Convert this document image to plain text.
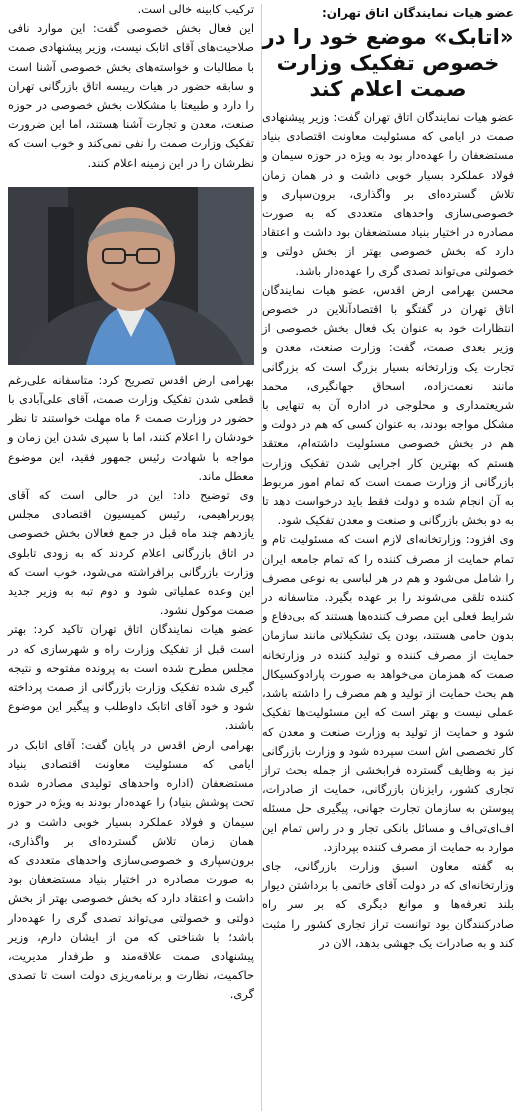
عضو هیات نمایندگان اتاق تهران:

«اتابک» موضع خود را در خصوص تفکیک وزارت صمت اعلام کند

عضو هیات نمایندگان اتاق تهران گفت: وزیر پیشنهادی صمت در ایامی که مسئولیت معاونت اقتصادی بنیاد مستضعفان را عهده‌دار بود به ویژه در حوزه سیمان و فولاد عملکرد بسیار خوبی داشت و در همان زمان تلاش گسترده‌ای بر واگذاری، برون‌سپاری و خصوصی‌سازی واحدهای متعددی که به صورت مصادره در اختیار بنیاد مستضعفان بود داشت و اعتقاد دارد که بخش خصوصی بهتر از بخش دولتی و خصولتی می‌تواند تصدی گری را عهده‌دار باشد.

محسن بهرامی ارض اقدس، عضو هیات نمایندگان اتاق تهران در گفتگو با اقتصادآنلاین در خصوص انتظارات خود به عنوان یک فعال بخش خصوصی از وزیر بعدی صمت، گفت: وزارت صنعت، معدن و تجارت یک وزارتخانه بسیار بزرگ است که بزرگانی مانند نعمت‌زاده، اسحاق جهانگیری، محمد شریعتمداری و محلوجی در اداره آن به تنهایی با مشکل مواجه بودند، به عنوان کسی که هم در دولت و هم در بخش خصوصی مسئولیت داشته‌ام، معتقد هستم که بهترین کار اجرایی شدن تفکیک وزارت بازرگانی از وزارت صمت است که تمام امور مربوط به آن انجام شده و دولت فقط باید درخواست دهد تا به دو بخش بازرگانی و صنعت و معدن تفکیک شود.

وی افزود: وزارتخانه‌ای لازم است که مسئولیت تام و تمام حمایت از مصرف کننده را که تمام جامعه ایران را شامل می‌شود و هم در هر لباسی به نوعی مصرف کننده تلقی می‌شوند را بر عهده بگیرد. متاسفانه در شرایط فعلی این مصرف کننده‌ها هستند که بی‌دفاع و بدون حامی هستند، بودن یک تشکیلاتی مانند سازمان حمایت از مصرف کننده و تولید کننده در وزارتخانه صمت که همزمان می‌خواهد به صورت پارادوکسیکال هم بحث حمایت از تولید و هم مصرف را داشته باشد، عملی نیست و بهتر است که این مسئولیت‌ها تفکیک شود و حمایت از تولید به وزارت صنعت و معدن که کار تخصصی اش است سپرده شود و وزارت بازرگانی نیز به وظایف گسترده فرابخشی از جمله بحث تراز تجاری کشور، رایزنان بازرگانی، حمایت از صادرات، پیوستن به سازمان تجارت جهانی، پیگیری حل مسئله اف‌ای‌تی‌اف و مسائل بانکی تجار و در راس تمام این موارد به حمایت از مصرف کننده بپردازد.

به گفته معاون اسبق وزارت بازرگانی، جای وزارتخانه‌ای که در دولت آقای خاتمی با برداشتن دیوار بلند تعرفه‌ها و موانع دیگری که بر سر راه صادرکنندگان بود توانست تراز تجاری کشور را مثبت کند و به صادرات یک جهشی بدهد، الان در

ترکیب کابینه خالی است.

این فعال بخش خصوصی گفت: این موارد نافی صلاحیت‌های آقای اتابک نیست، وزیر پیشنهادی صمت با مطالبات و خواسته‌های بخش خصوصی آشنا است و سابقه حضور در هیات رییسه اتاق بازرگانی تهران را دارد و طبیعتا با مشکلات بخش خصوصی در حوزه صنعت، معدن و تجارت آشنا هستند، اما این ضرورت تفکیک وزارت صمت را نفی نمی‌کند و خوب است که نظرشان را در این زمینه اعلام کنند.

بهرامی ارض اقدس تصریح کرد: متاسفانه علی‌رغم قطعی شدن تفکیک وزارت صمت، آقای علی‌آبادی با حضور در وزارت صمت ۶ ماه مهلت خواستند تا نظر خودشان را اعلام کنند، اما با سپری شدن این زمان و مواجه با شهادت رئیس جمهور فقید، این موضوع معطل ماند.

وی توضیح داد: این در حالی است که آقای پوربراهیمی، رئیس کمیسیون اقتصادی مجلس یازدهم چند ماه قبل در جمع فعالان بخش خصوصی در اتاق بازرگانی اعلام کردند که به زودی تابلوی وزارت بازرگانی برافراشته می‌شود، خوب است که این وعده عملیاتی شود و دوم تبه به وزیر جدید صمت موکول نشود.

عضو هیات نمایندگان اتاق تهران تاکید کرد: بهتر است قبل از تفکیک وزارت راه و شهرسازی که در مجلس مطرح شده است به پرونده مفتوحه و نتیجه گیری شده تفکیک وزارت بازرگانی از صمت پرداخته شود و خود آقای اتابک داوطلب و پیگیر این موضوع باشند.

بهرامی ارض اقدس در پایان گفت: آقای اتابک در ایامی که مسئولیت معاونت اقتصادی بنیاد مستضعفان (اداره واحدهای تولیدی مصادره شده تحت پوشش بنیاد) را عهده‌دار بودند به ویژه در حوزه سیمان و فولاد عملکرد بسیار خوبی داشت و در همان زمان تلاش گسترده‌ای بر واگذاری، برون‌سپاری و خصوصی‌سازی واحدهای متعددی که به صورت مصادره در اختیار بنیاد مستضعفان بود داشت و اعتقاد دارد که بخش خصوصی بهتر از بخش دولتی و خصولتی می‌تواند تصدی گری را عهده‌دار باشد؛ با شناختی که من از ایشان دارم، وزیر پیشنهادی صمت علاقه‌مند و طرفدار مدیریت، حاکمیت، نظارت و برنامه‌ریزی دولت است تا تصدی گری.
